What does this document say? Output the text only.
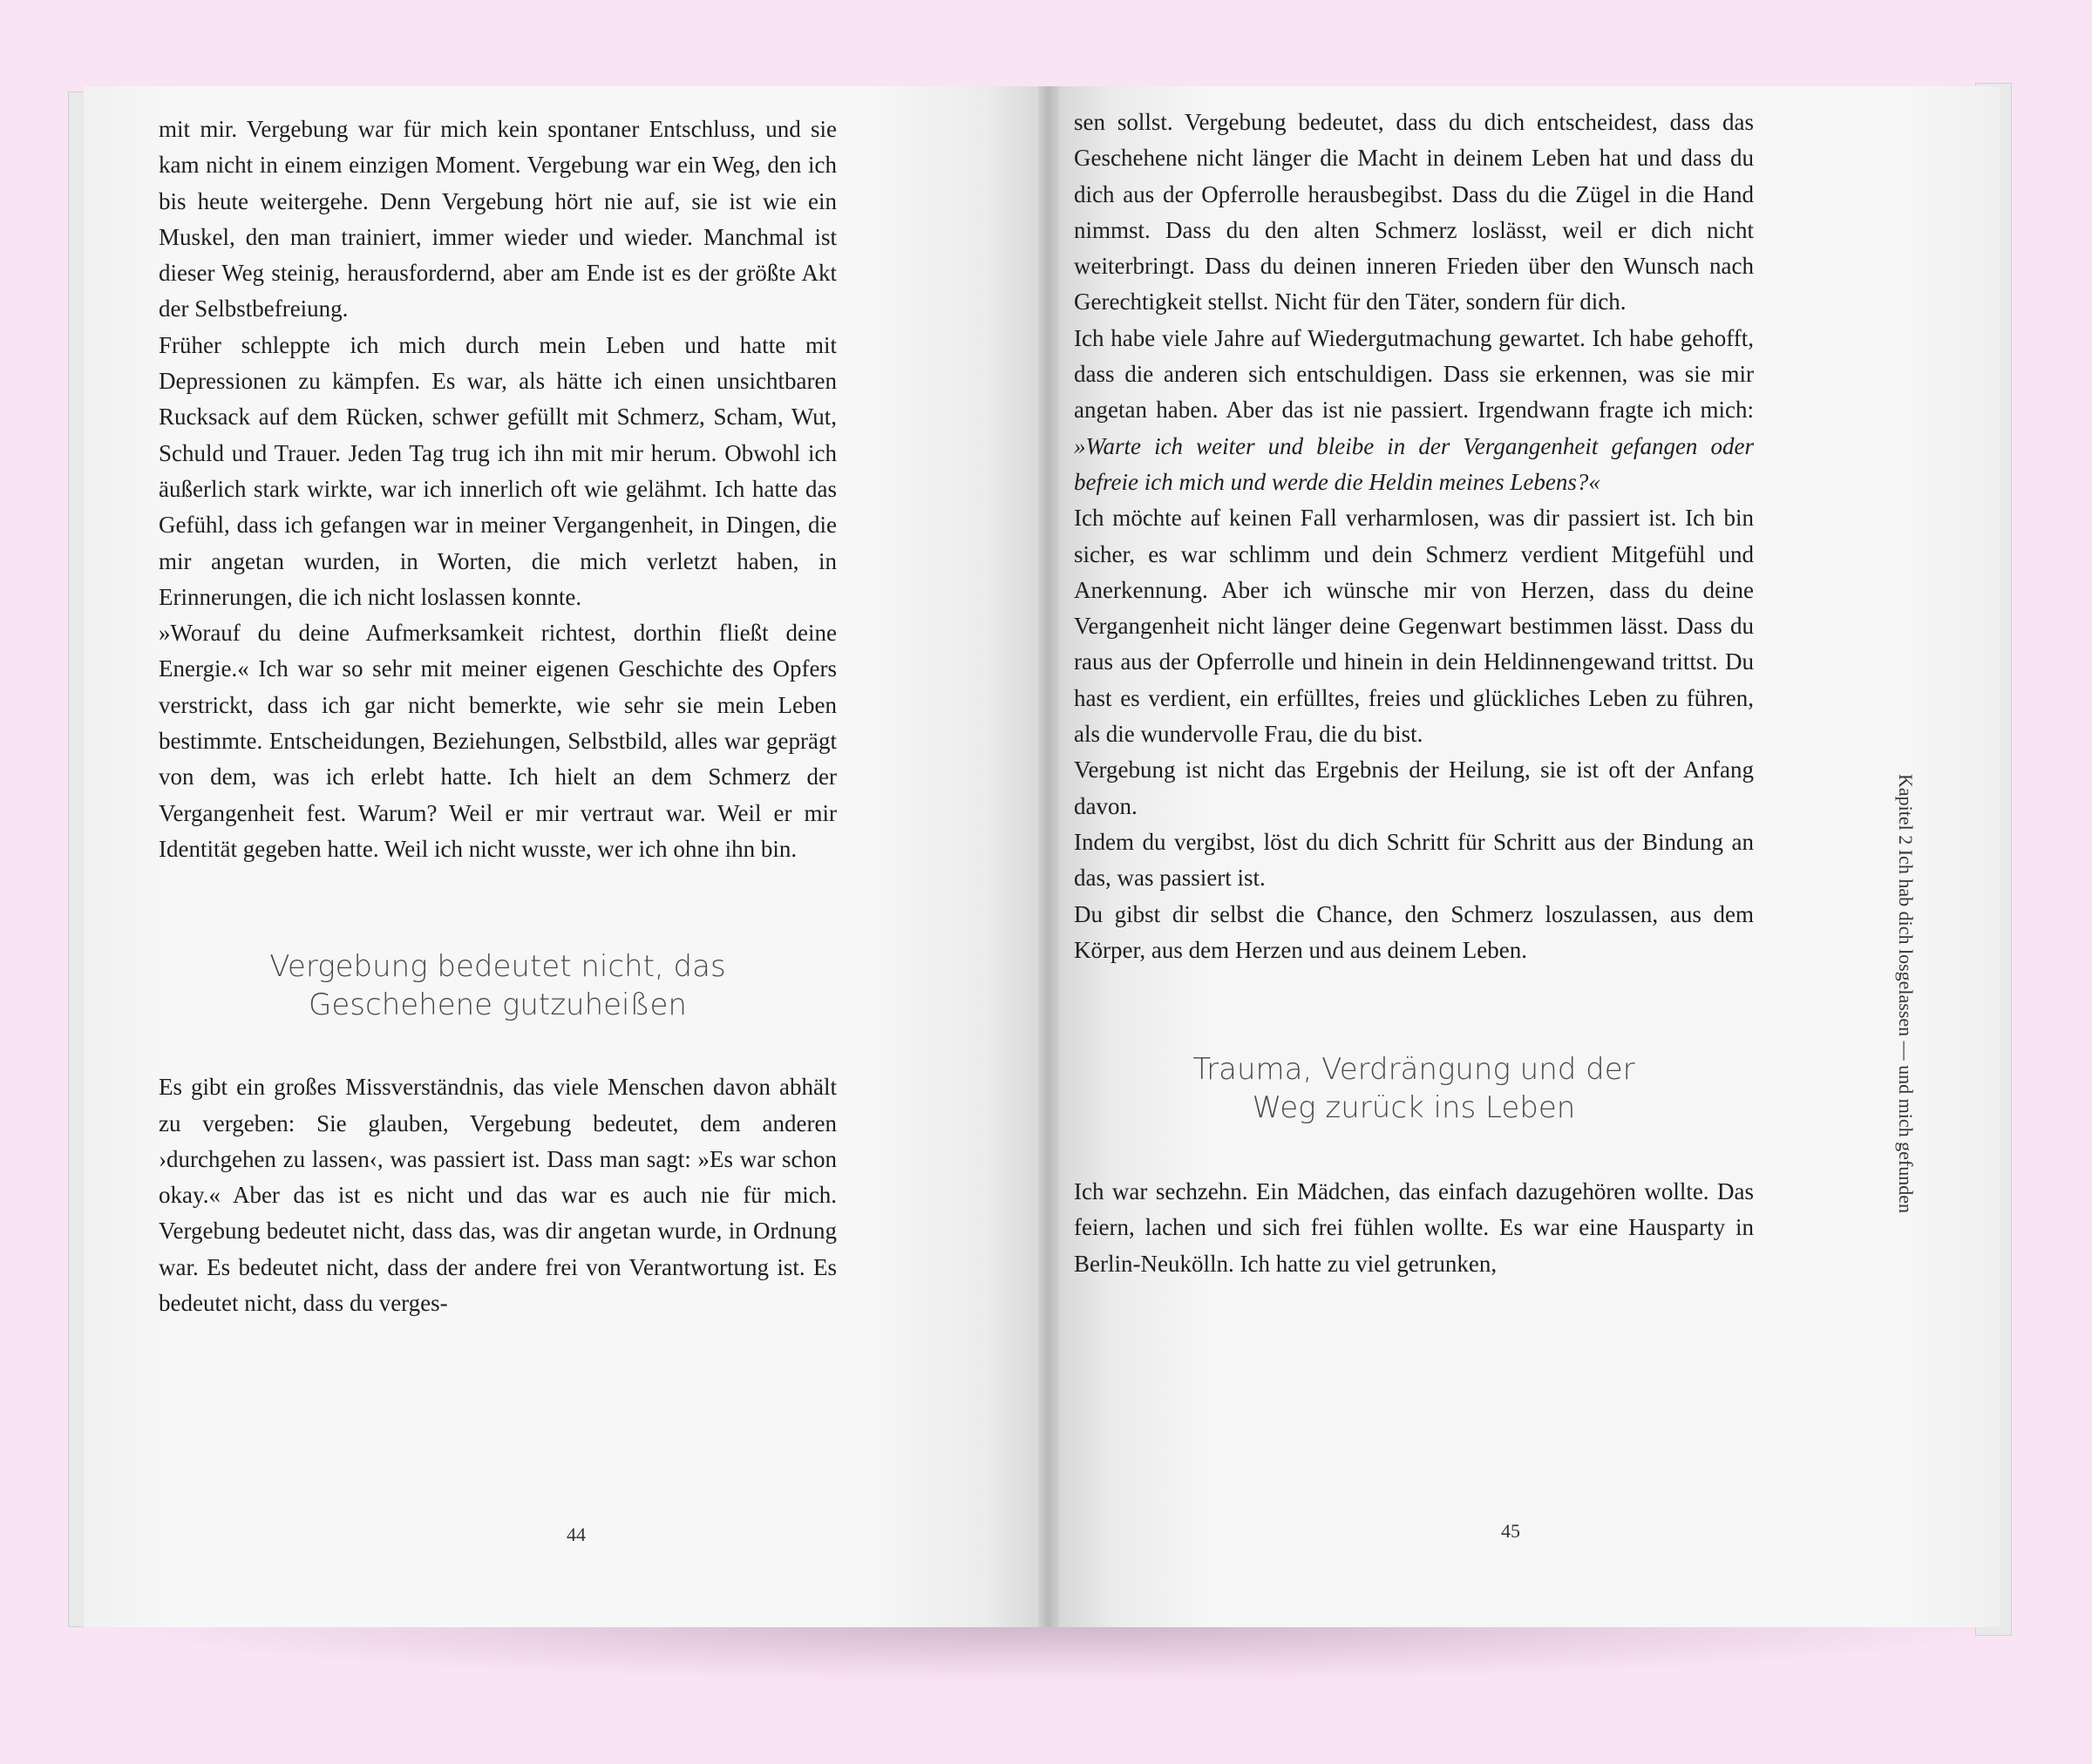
mit mir. Vergebung war für mich kein spontaner Entschluss, und sie kam nicht in einem einzigen Moment. Vergebung war ein Weg, den ich bis heute weitergehe. Denn Vergebung hört nie auf, sie ist wie ein Muskel, den man trainiert, immer wieder und wieder. Manchmal ist dieser Weg steinig, herausfordernd, aber am Ende ist es der größte Akt der Selbstbefreiung.

Früher schleppte ich mich durch mein Leben und hatte mit Depressionen zu kämpfen. Es war, als hätte ich einen unsichtbaren Rucksack auf dem Rücken, schwer gefüllt mit Schmerz, Scham, Wut, Schuld und Trauer. Jeden Tag trug ich ihn mit mir herum. Obwohl ich äußerlich stark wirkte, war ich innerlich oft wie gelähmt. Ich hatte das Gefühl, dass ich gefangen war in meiner Vergangenheit, in Dingen, die mir angetan wurden, in Worten, die mich verletzt haben, in Erinnerungen, die ich nicht loslassen konnte.

»Worauf du deine Aufmerksamkeit richtest, dorthin fließt deine Energie.« Ich war so sehr mit meiner eigenen Geschichte des Opfers verstrickt, dass ich gar nicht bemerkte, wie sehr sie mein Leben bestimmte. Entscheidungen, Beziehungen, Selbstbild, alles war geprägt von dem, was ich erlebt hatte. Ich hielt an dem Schmerz der Vergangenheit fest. Warum? Weil er mir vertraut war. Weil er mir Identität gegeben hatte. Weil ich nicht wusste, wer ich ohne ihn bin.

Vergebung bedeutet nicht, das
Geschehene gutzuheißen

Es gibt ein großes Missverständnis, das viele Menschen davon abhält zu vergeben: Sie glauben, Vergebung bedeutet, dem anderen ›durchgehen zu lassen‹, was passiert ist. Dass man sagt: »Es war schon okay.« Aber das ist es nicht und das war es auch nie für mich. Vergebung bedeutet nicht, dass das, was dir angetan wurde, in Ordnung war. Es bedeutet nicht, dass der andere frei von Verantwortung ist. Es bedeutet nicht, dass du verges-

44

sen sollst. Vergebung bedeutet, dass du dich entscheidest, dass das Geschehene nicht länger die Macht in deinem Leben hat und dass du dich aus der Opferrolle herausbegibst. Dass du die Zügel in die Hand nimmst. Dass du den alten Schmerz loslässt, weil er dich nicht weiterbringt. Dass du deinen inneren Frieden über den Wunsch nach Gerechtigkeit stellst. Nicht für den Täter, sondern für dich.

Ich habe viele Jahre auf Wiedergutmachung gewartet. Ich habe gehofft, dass die anderen sich entschuldigen. Dass sie erkennen, was sie mir angetan haben. Aber das ist nie passiert. Irgendwann fragte ich mich: »Warte ich weiter und bleibe in der Vergangenheit gefangen oder befreie ich mich und werde die Heldin meines Lebens?«

Ich möchte auf keinen Fall verharmlosen, was dir passiert ist. Ich bin sicher, es war schlimm und dein Schmerz verdient Mitgefühl und Anerkennung. Aber ich wünsche mir von Herzen, dass du deine Vergangenheit nicht länger deine Gegenwart bestimmen lässt. Dass du raus aus der Opferrolle und hinein in dein Heldinnengewand trittst. Du hast es verdient, ein erfülltes, freies und glückliches Leben zu führen, als die wundervolle Frau, die du bist.

Vergebung ist nicht das Ergebnis der Heilung, sie ist oft der Anfang davon.

Indem du vergibst, löst du dich Schritt für Schritt aus der Bindung an das, was passiert ist.

Du gibst dir selbst die Chance, den Schmerz loszulassen, aus dem Körper, aus dem Herzen und aus deinem Leben.

Trauma, Verdrängung und der
Weg zurück ins Leben

Ich war sechzehn. Ein Mädchen, das einfach dazugehören wollte. Das feiern, lachen und sich frei fühlen wollte. Es war eine Hausparty in Berlin-Neukölln. Ich hatte zu viel getrunken,

45
Kapitel 2 Ich hab dich losgelassen — und mich gefunden
